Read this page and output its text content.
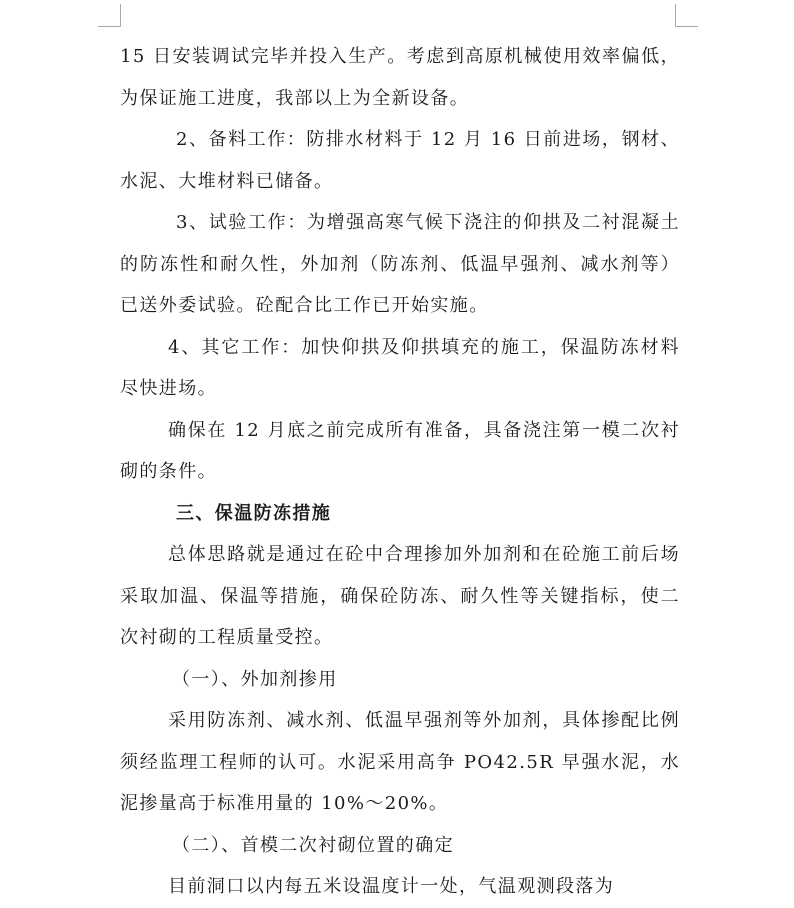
15 日安装调试完毕并投入生产。考虑到高原机械使用效率偏低，为保证施工进度，我部以上为全新设备。

2、备料工作：防排水材料于 12 月 16 日前进场，钢材、水泥、大堆材料已储备。

3、试验工作：为增强高寒气候下浇注的仰拱及二衬混凝土的防冻性和耐久性，外加剂（防冻剂、低温早强剂、减水剂等）已送外委试验。砼配合比工作已开始实施。

4、其它工作：加快仰拱及仰拱填充的施工，保温防冻材料尽快进场。

确保在 12 月底之前完成所有准备，具备浇注第一模二次衬砌的条件。

三、保温防冻措施

总体思路就是通过在砼中合理掺加外加剂和在砼施工前后场采取加温、保温等措施，确保砼防冻、耐久性等关键指标，使二次衬砌的工程质量受控。

（一）、外加剂掺用

采用防冻剂、减水剂、低温早强剂等外加剂，具体掺配比例须经监理工程师的认可。水泥采用高争 PO42.5R 早强水泥，水泥掺量高于标准用量的 10%～20%。

（二）、首模二次衬砌位置的确定

目前洞口以内每五米设温度计一处，气温观测段落为
